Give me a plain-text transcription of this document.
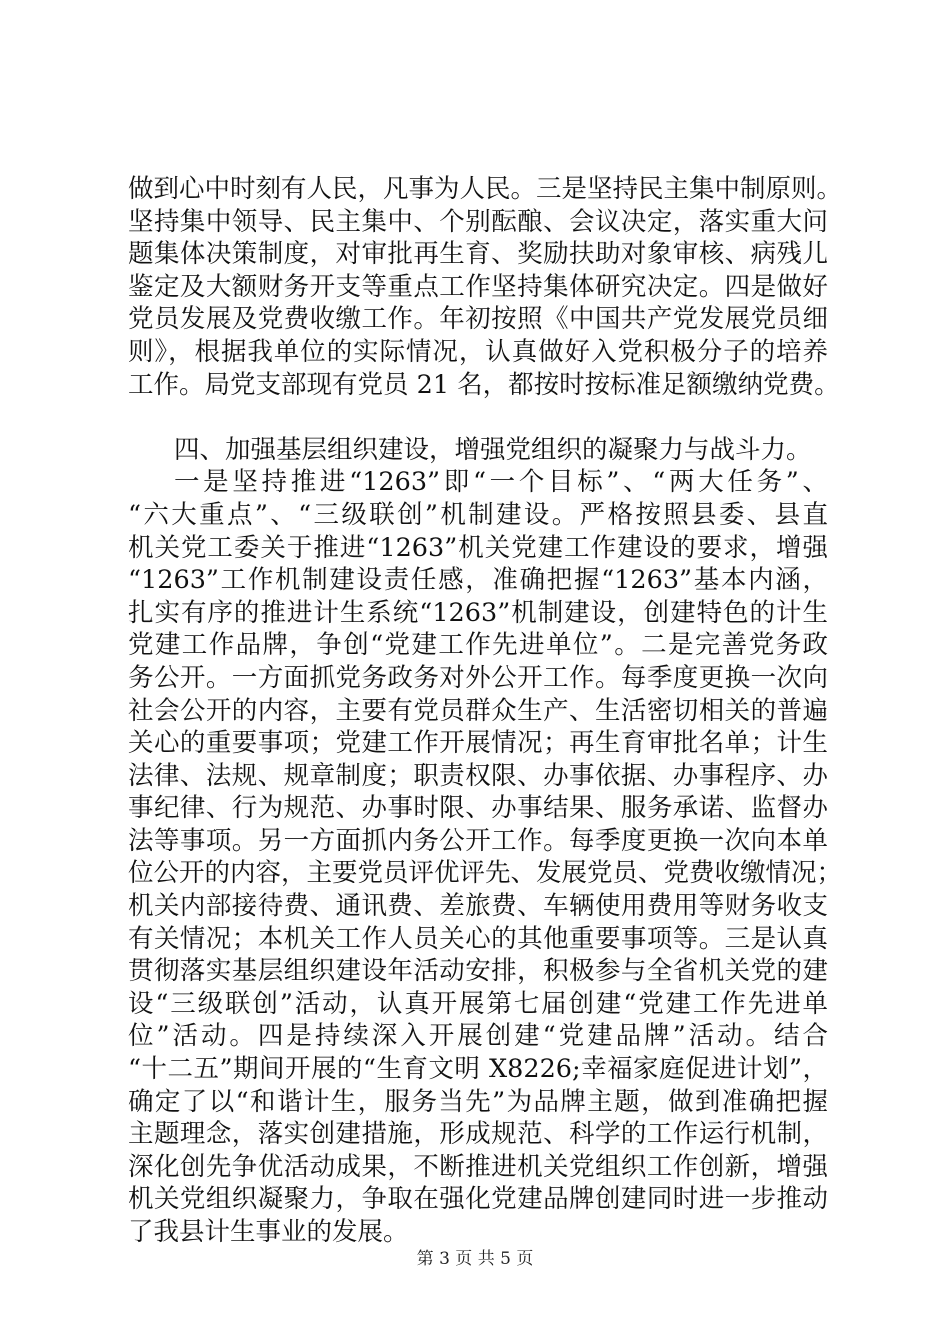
做到心中时刻有人民，凡事为人民。三是坚持民主集中制原则。
坚持集中领导、民主集中、个别酝酿、会议决定，落实重大问
题集体决策制度，对审批再生育、奖励扶助对象审核、病残儿
鉴定及大额财务开支等重点工作坚持集体研究决定。四是做好
党员发展及党费收缴工作。年初按照《中国共产党发展党员细
则》，根据我单位的实际情况，认真做好入党积极分子的培养
工作。局党支部现有党员 21 名，都按时按标准足额缴纳党费。
四、加强基层组织建设，增强党组织的凝聚力与战斗力。
一是坚持推进“1263”即“一个目标”、“两大任务”、
“六大重点”、“三级联创”机制建设。严格按照县委、县直
机关党工委关于推进“1263”机关党建工作建设的要求，增强
“1263”工作机制建设责任感，准确把握“1263”基本内涵，
扎实有序的推进计生系统“1263”机制建设，创建特色的计生
党建工作品牌，争创“党建工作先进单位”。二是完善党务政
务公开。一方面抓党务政务对外公开工作。每季度更换一次向
社会公开的内容，主要有党员群众生产、生活密切相关的普遍
关心的重要事项；党建工作开展情况；再生育审批名单；计生
法律、法规、规章制度；职责权限、办事依据、办事程序、办
事纪律、行为规范、办事时限、办事结果、服务承诺、监督办
法等事项。另一方面抓内务公开工作。每季度更换一次向本单
位公开的内容，主要党员评优评先、发展党员、党费收缴情况；
机关内部接待费、通讯费、差旅费、车辆使用费用等财务收支
有关情况；本机关工作人员关心的其他重要事项等。三是认真
贯彻落实基层组织建设年活动安排，积极参与全省机关党的建
设“三级联创”活动，认真开展第七届创建“党建工作先进单
位”活动。四是持续深入开展创建“党建品牌”活动。结合
“十二五”期间开展的“生育文明 X8226;幸福家庭促进计划”，
确定了以“和谐计生，服务当先”为品牌主题，做到准确把握
主题理念，落实创建措施，形成规范、科学的工作运行机制，
深化创先争优活动成果，不断推进机关党组织工作创新，增强
机关党组织凝聚力，争取在强化党建品牌创建同时进一步推动
了我县计生事业的发展。
第 3 页 共 5 页
